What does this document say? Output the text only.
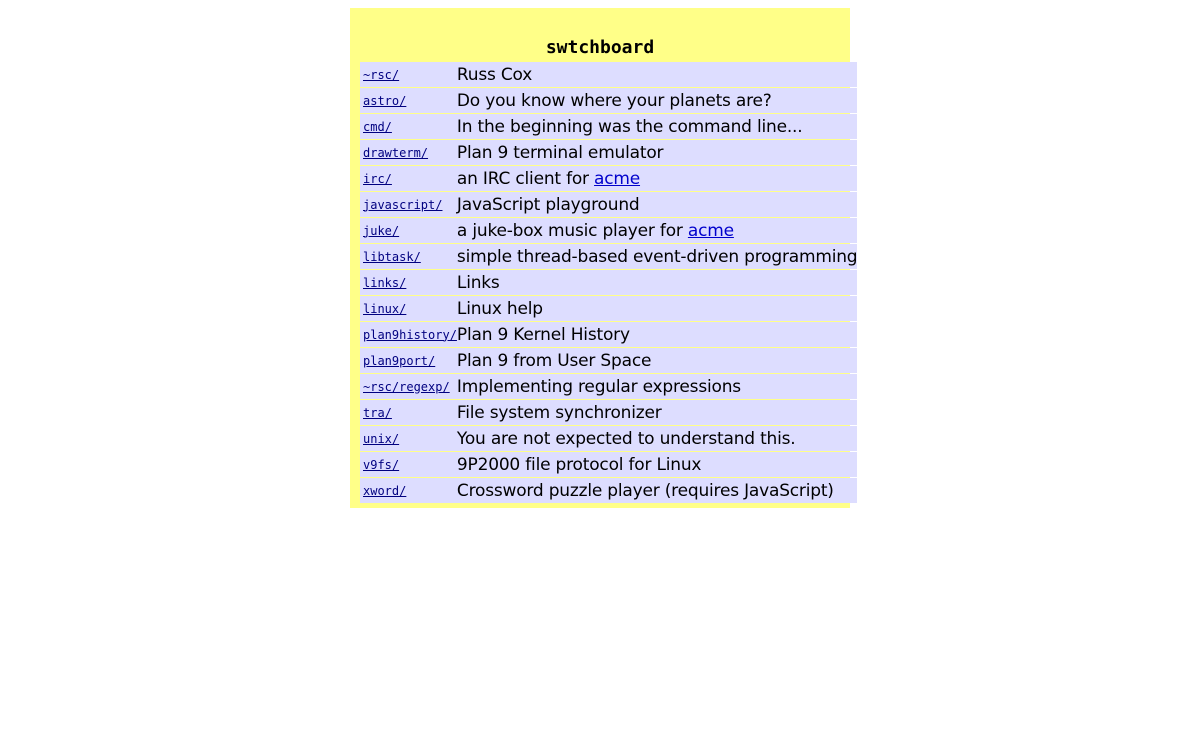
swtchboard
~rsc/	Russ Cox
astro/	Do you know where your planets are?
cmd/	In the beginning was the command line...
drawterm/	Plan 9 terminal emulator
irc/	an IRC client for acme
javascript/	JavaScript playground
juke/	a juke-box music player for acme
libtask/	simple thread-based event-driven programming
links/	Links
linux/	Linux help
plan9history/	Plan 9 Kernel History
plan9port/	Plan 9 from User Space
~rsc/regexp/	Implementing regular expressions
tra/	File system synchronizer
unix/	You are not expected to understand this.
v9fs/	9P2000 file protocol for Linux
xword/	Crossword puzzle player (requires JavaScript)
